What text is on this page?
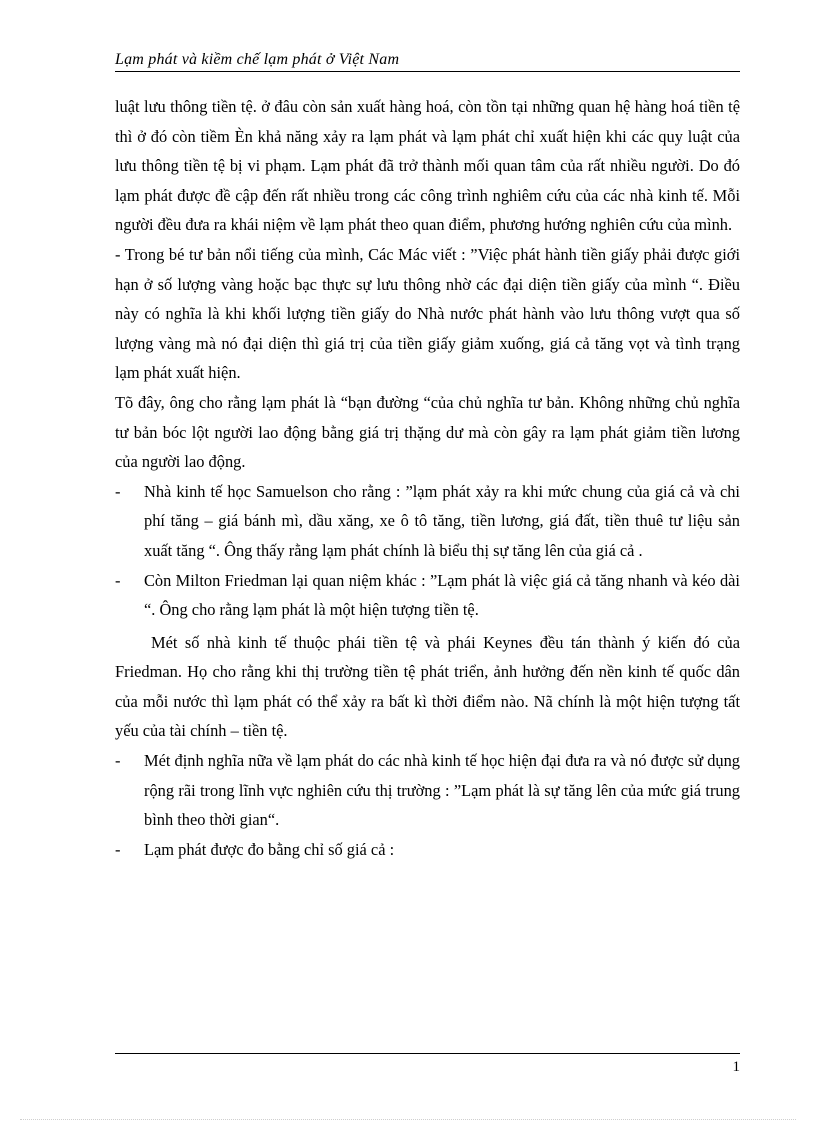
Lạm phát và kiềm chế lạm phát ở Việt Nam

luật lưu thông tiền tệ. ở đâu còn sản xuất hàng hoá, còn tồn tại những quan hệ hàng hoá tiền tệ thì ở đó còn tiềm Èn khả năng xảy ra lạm phát và lạm phát chỉ xuất hiện khi các quy luật của lưu thông tiền tệ bị vi phạm. Lạm phát đã trở thành mối quan tâm của rất nhiều người. Do đó lạm phát được đề cập đến rất nhiều trong các công trình nghiêm cứu của các nhà kinh tế. Mỗi người đều đưa ra khái niệm về lạm phát theo quan điểm, phương hướng nghiên cứu của mình.

- Trong bé tư bản nổi tiếng của mình, Các Mác viết : ”Việc phát hành tiền giấy phải được giới hạn ở số lượng vàng hoặc bạc thực sự lưu thông nhờ các đại diện tiền giấy của mình “. Điều này có nghĩa là khi khối lượng tiền giấy do Nhà nước phát hành vào lưu thông vượt qua số lượng vàng mà nó đại diện thì giá trị của tiền giấy giảm xuống, giá cả tăng vọt và tình trạng lạm phát xuất hiện.

Tõ đây, ông cho rằng lạm phát là “bạn đường “của chủ nghĩa tư bản. Không những chủ nghĩa tư bản bóc lột người lao động bằng giá trị thặng dư mà còn gây ra lạm phát giảm tiền lương của người lao động.

- Nhà kinh tế học Samuelson cho rằng : ”lạm phát xảy ra khi mức chung của giá cả và chi phí tăng – giá bánh mì, dầu xăng, xe ô tô tăng, tiền lương, giá đất, tiền thuê tư liệu sản xuất tăng “. Ông thấy rằng lạm phát chính là biểu thị sự tăng lên của giá cả .
- Còn Milton Friedman lại quan niệm khác : ”Lạm phát là việc giá cả tăng nhanh và kéo dài “. Ông cho rằng lạm phát là một hiện tượng tiền tệ.

Mét số nhà kinh tế thuộc phái tiền tệ và phái Keynes đều tán thành ý kiến đó của Friedman. Họ cho rằng khi thị trường tiền tệ phát triển, ảnh hưởng đến nền kinh tế quốc dân của mỗi nước thì lạm phát có thể xảy ra bất kì thời điểm nào. Nã chính là một hiện tượng tất yếu của tài chính – tiền tệ.

- Mét định nghĩa nữa về lạm phát do các nhà kinh tế học hiện đại đưa ra và nó được sử dụng rộng rãi trong lĩnh vực nghiên cứu thị trường : ”Lạm phát là sự tăng lên của mức giá trung bình theo thời gian“.
- Lạm phát được đo bằng chỉ số giá cả :
1
